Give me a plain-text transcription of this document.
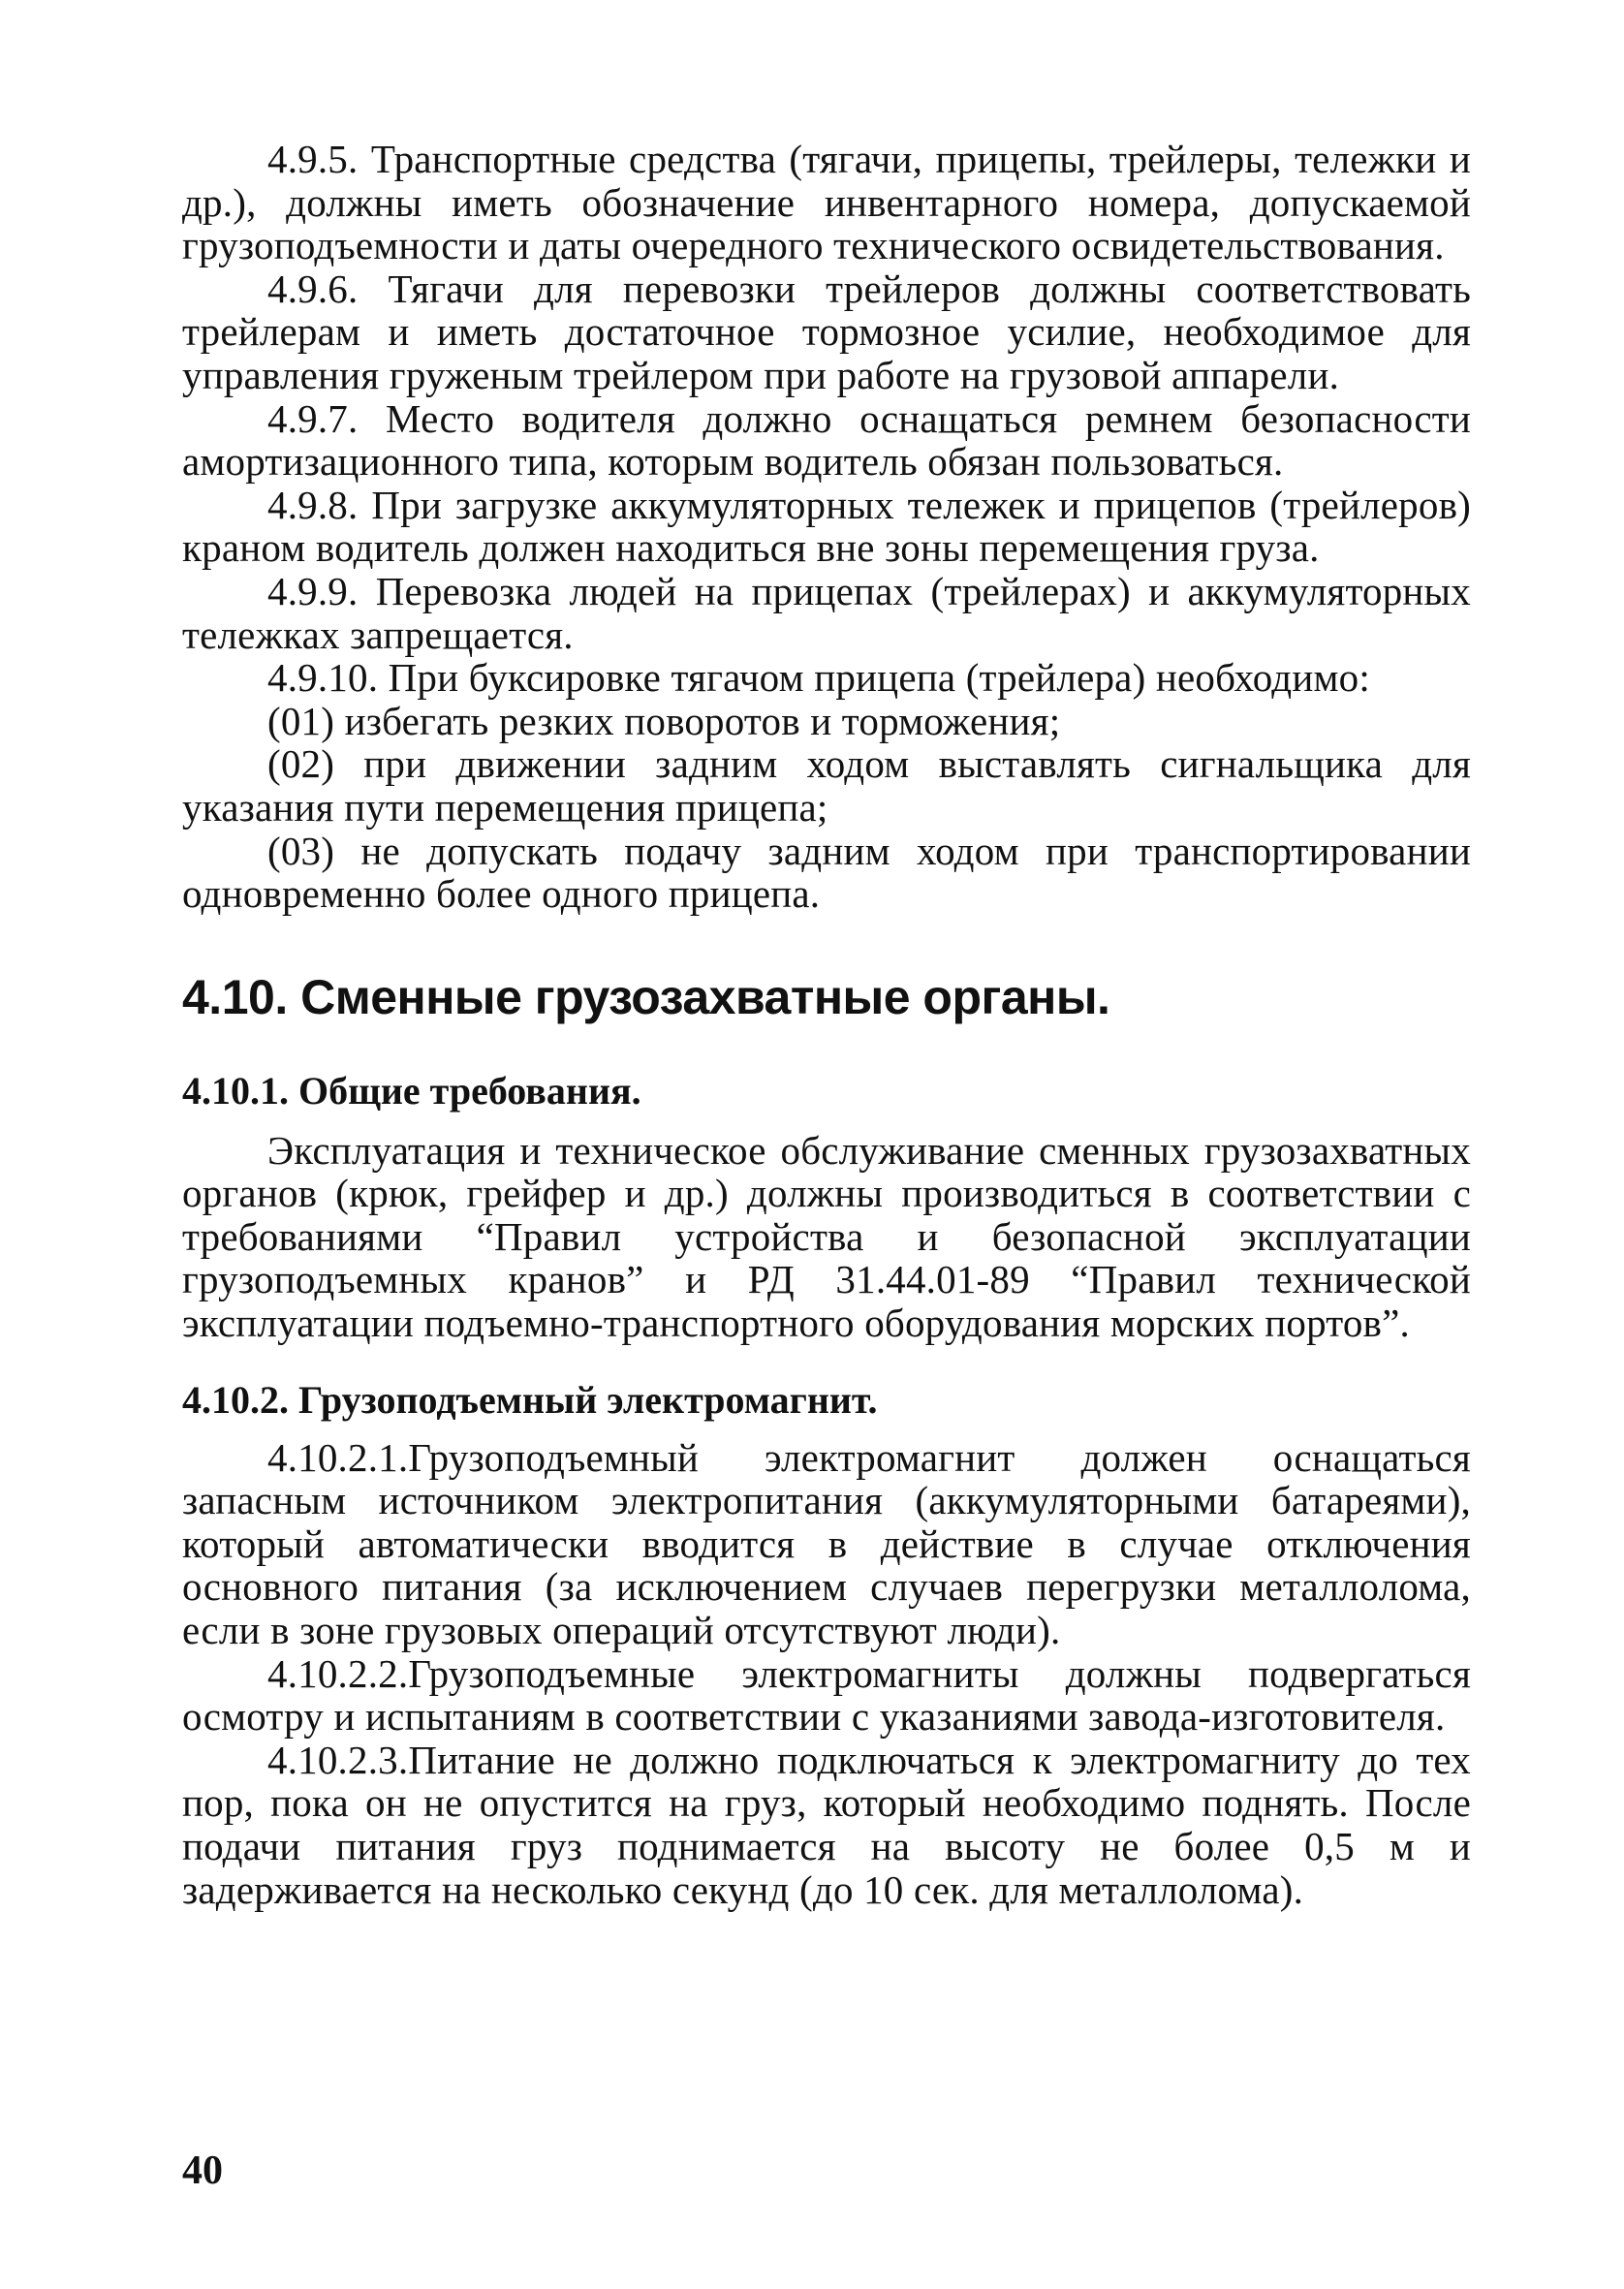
4.9.5. Транспортные средства (тягачи, прицепы, трейлеры, тележки и др.), должны иметь обозначение инвентарного номера, допускаемой грузоподъемности и даты очередного технического освидетельствования.

4.9.6. Тягачи для перевозки трейлеров должны соответствовать трейлерам и иметь достаточное тормозное усилие, необходимое для управления груженым трейлером при работе на грузовой аппарели.

4.9.7. Место водителя должно оснащаться ремнем безопасности амортизационного типа, которым водитель обязан пользоваться.

4.9.8. При загрузке аккумуляторных тележек и прицепов (трейлеров) краном водитель должен находиться вне зоны перемещения груза.

4.9.9. Перевозка людей на прицепах (трейлерах) и аккумуляторных тележках запрещается.

4.9.10. При буксировке тягачом прицепа (трейлера) необходимо:

(01) избегать резких поворотов и торможения;

(02) при движении задним ходом выставлять сигнальщика для указания пути перемещения прицепа;

(03) не допускать подачу задним ходом при транспортировании одновременно более одного прицепа.

4.10. Сменные грузозахватные органы.
4.10.1. Общие требования.

Эксплуатация и техническое обслуживание сменных грузозахватных органов (крюк, грейфер и др.) должны производиться в соответствии с требованиями “Правил устройства и безопасной эксплуатации грузоподъемных кранов” и РД 31.44.01-89 “Правил технической эксплуатации подъемно-транспортного оборудования морских портов”.

4.10.2. Грузоподъемный электромагнит.

4.10.2.1.Грузоподъемный электромагнит должен оснащаться запасным источником электропитания (аккумуляторными батареями), который автоматически вводится в действие в случае отключения основного питания (за исключением случаев перегрузки металлолома, если в зоне грузовых операций отсутствуют люди).

4.10.2.2.Грузоподъемные электромагниты должны подвергаться осмотру и испытаниям в соответствии с указаниями завода-изготовителя.

4.10.2.3.Питание не должно подключаться к электромагниту до тех пор, пока он не опустится на груз, который необходимо поднять. После подачи питания груз поднимается на высоту не более 0,5 м и задерживается на несколько секунд (до 10 сек. для металлолома).

40
